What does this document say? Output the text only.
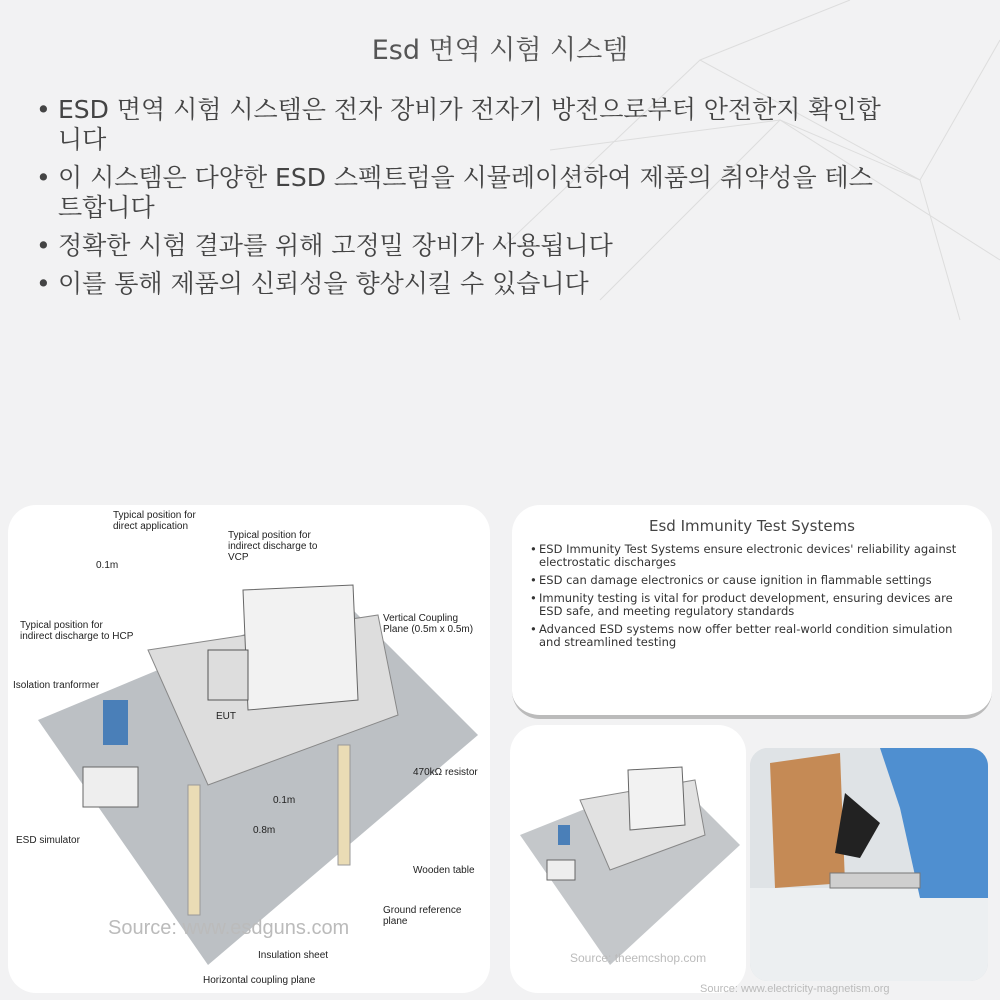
Esd 면역 시험 시스템
• ESD 면역 시험 시스템은 전자 장비가 전자기 방전으로부터 안전한지 확인합니다
• 이 시스템은 다양한 ESD 스펙트럼을 시뮬레이션하여 제품의 취약성을 테스트합니다
• 정확한 시험 결과를 위해 고정밀 장비가 사용됩니다
• 이를 통해 제품의 신뢰성을 향상시킬 수 있습니다
Typical position for direct application
Typical position for indirect discharge to VCP
0.1m
Typical position for indirect discharge to HCP
Vertical Coupling Plane (0.5m x 0.5m)
Isolation tranformer
EUT
470kΩ resistor
0.1m
0.8m
ESD simulator
Wooden table
Ground reference plane
Insulation sheet
Horizontal coupling plane
Source: www.esdguns.com
Esd Immunity Test Systems
• ESD Immunity Test Systems ensure electronic devices' reliability against electrostatic discharges
• ESD can damage electronics or cause ignition in flammable settings
• Immunity testing is vital for product development, ensuring devices are ESD safe, and meeting regulatory standards
• Advanced ESD systems now offer better real-world condition simulation and streamlined testing
Source: theemcshop.com
Source: www.electricity-magnetism.org
